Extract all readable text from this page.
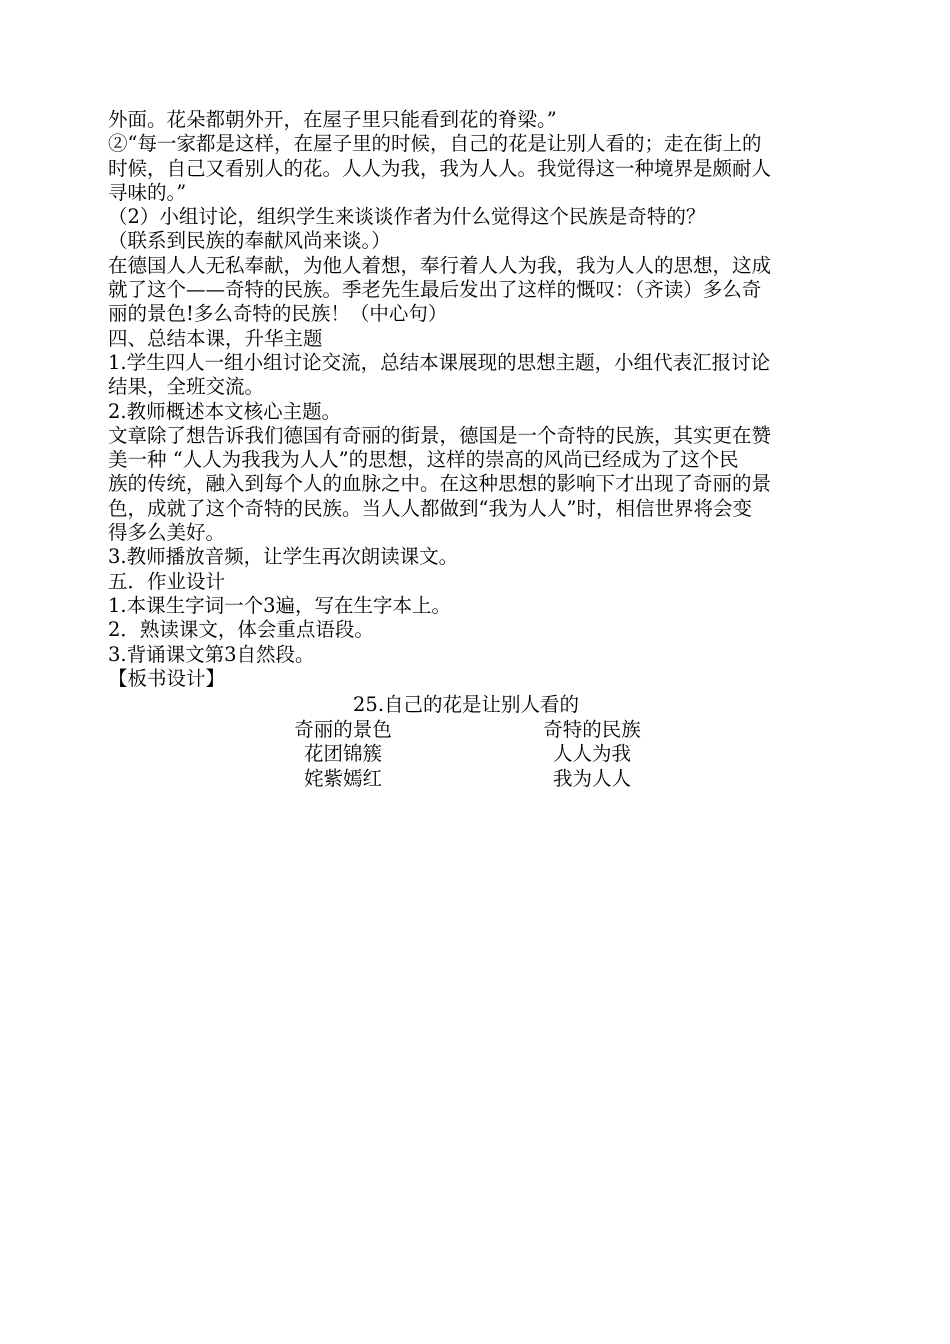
外面。花朵都朝外开，在屋子里只能看到花的脊梁。”
②“每一家都是这样，在屋子里的时候，自己的花是让别人看的；走在街上的
时候，自己又看别人的花。人人为我，我为人人。我觉得这一种境界是颇耐人
寻味的。”
（2）小组讨论，组织学生来谈谈作者为什么觉得这个民族是奇特的？
（联系到民族的奉献风尚来谈。）
在德国人人无私奉献，为他人着想，奉行着人人为我，我为人人的思想，这成
就了这个——奇特的民族。季老先生最后发出了这样的慨叹：（齐读）多么奇
丽的景色!多么奇特的民族！（中心句）
四、总结本课，升华主题
1.学生四人一组小组讨论交流，总结本课展现的思想主题，小组代表汇报讨论
结果，全班交流。
2.教师概述本文核心主题。
文章除了想告诉我们德国有奇丽的街景，德国是一个奇特的民族，其实更在赞
美一种 “人人为我我为人人”的思想，这样的崇高的风尚已经成为了这个民
族的传统，融入到每个人的血脉之中。在这种思想的影响下才出现了奇丽的景
色，成就了这个奇特的民族。当人人都做到“我为人人”时，相信世界将会变
得多么美好。
3.教师播放音频，让学生再次朗读课文。
五．作业设计
1.本课生字词一个3遍，写在生字本上。
2．熟读课文，体会重点语段。
3.背诵课文第3自然段。
【板书设计】
25.自己的花是让别人看的
奇丽的景色	奇特的民族
花团锦簇	人人为我
姹紫嫣红	我为人人
